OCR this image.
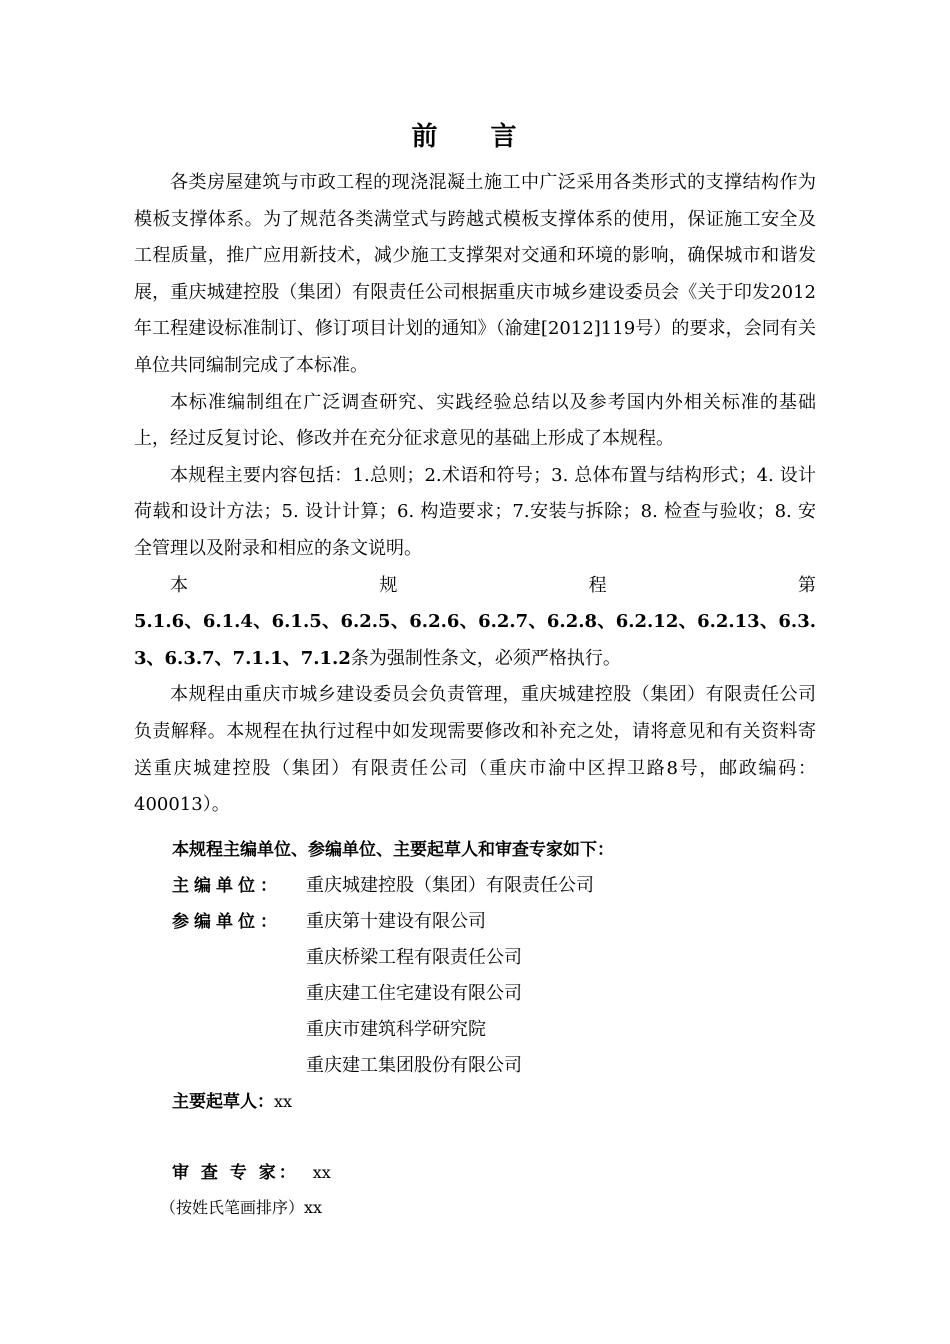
前 言

各类房屋建筑与市政工程的现浇混凝土施工中广泛采用各类形式的支撑结构作为模板支撑体系。为了规范各类满堂式与跨越式模板支撑体系的使用，保证施工安全及工程质量，推广应用新技术，减少施工支撑架对交通和环境的影响，确保城市和谐发展，重庆城建控股（集团）有限责任公司根据重庆市城乡建设委员会《关于印发2012年工程建设标准制订、修订项目计划的通知》（渝建[2012]119号）的要求，会同有关单位共同编制完成了本标准。

本标准编制组在广泛调查研究、实践经验总结以及参考国内外相关标准的基础上，经过反复讨论、修改并在充分征求意见的基础上形成了本规程。

本规程主要内容包括：1.总则；2.术语和符号；3. 总体布置与结构形式；4. 设计荷载和设计方法；5. 设计计算；6. 构造要求；7.安装与拆除；8. 检查与验收；8. 安全管理以及附录和相应的条文说明。

本	规	程	第

5.1.6、6.1.4、6.1.5、6.2.5、6.2.6、6.2.7、6.2.8、6.2.12、6.2.13、6.3.3、6.3.7、7.1.1、7.1.2条为强制性条文，必须严格执行。

本规程由重庆市城乡建设委员会负责管理，重庆城建控股（集团）有限责任公司负责解释。本规程在执行过程中如发现需要修改和补充之处，请将意见和有关资料寄送重庆城建控股（集团）有限责任公司（重庆市渝中区捍卫路8号，邮政编码：400013）。

本规程主编单位、参编单位、主要起草人和审查专家如下：
主编单位：	重庆城建控股（集团）有限责任公司
参编单位：	重庆第十建设有限公司
重庆桥梁工程有限责任公司
重庆建工住宅建设有限公司
重庆市建筑科学研究院
重庆建工集团股份有限公司
主要起草人： xx
审 查 专 家： xx
（按姓氏笔画排序）xx
